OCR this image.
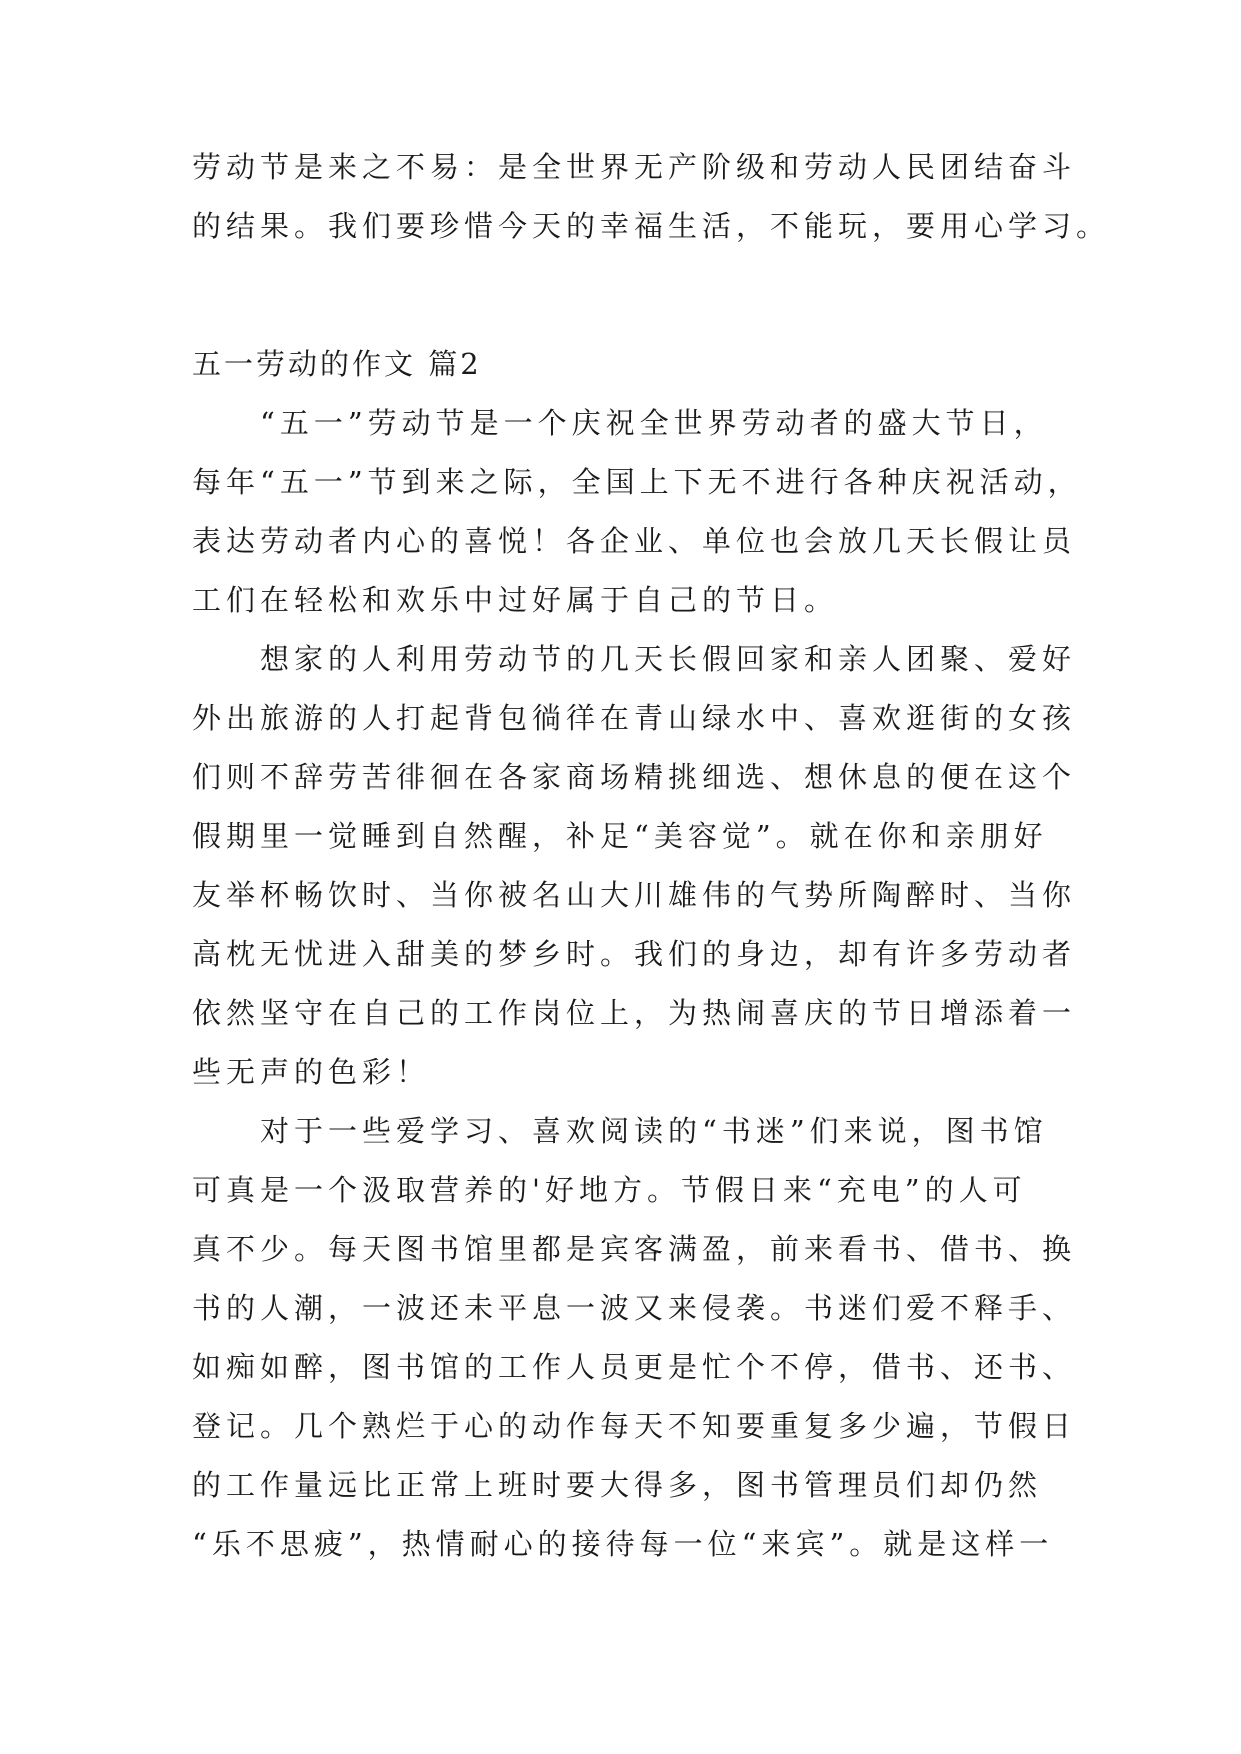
劳动节是来之不易：是全世界无产阶级和劳动人民团结奋斗
的结果。我们要珍惜今天的幸福生活，不能玩，要用心学习。
五一劳动的作文 篇2
“五一”劳动节是一个庆祝全世界劳动者的盛大节日，
每年“五一”节到来之际，全国上下无不进行各种庆祝活动，
表达劳动者内心的喜悦！各企业、单位也会放几天长假让员
工们在轻松和欢乐中过好属于自己的节日。
想家的人利用劳动节的几天长假回家和亲人团聚、爱好
外出旅游的人打起背包徜徉在青山绿水中、喜欢逛街的女孩
们则不辞劳苦徘徊在各家商场精挑细选、想休息的便在这个
假期里一觉睡到自然醒，补足“美容觉”。就在你和亲朋好
友举杯畅饮时、当你被名山大川雄伟的气势所陶醉时、当你
高枕无忧进入甜美的梦乡时。我们的身边，却有许多劳动者
依然坚守在自己的工作岗位上，为热闹喜庆的节日增添着一
些无声的色彩！
对于一些爱学习、喜欢阅读的“书迷”们来说，图书馆
可真是一个汲取营养的'好地方。节假日来“充电”的人可
真不少。每天图书馆里都是宾客满盈，前来看书、借书、换
书的人潮，一波还未平息一波又来侵袭。书迷们爱不释手、
如痴如醉，图书馆的工作人员更是忙个不停，借书、还书、
登记。几个熟烂于心的动作每天不知要重复多少遍，节假日
的工作量远比正常上班时要大得多，图书管理员们却仍然
“乐不思疲”，热情耐心的接待每一位“来宾”。就是这样一
